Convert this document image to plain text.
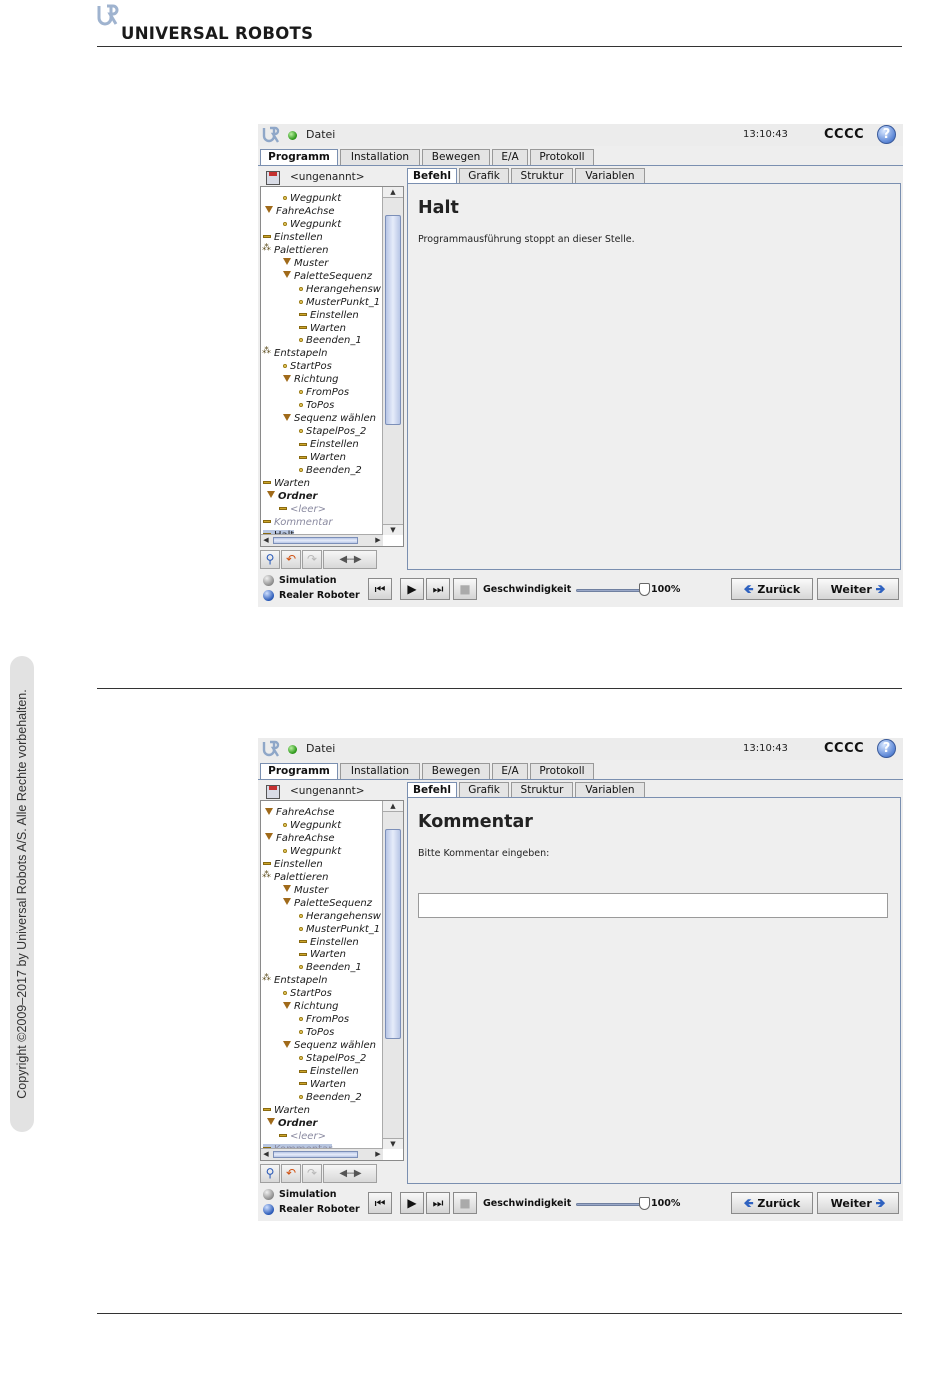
UNIVERSAL ROBOTS
Copyright ©2009–2017 by Universal Robots A/S. Alle Rechte vorbehalten.
Datei	13:10:43	CCCC	?
Programm	Installation	Bewegen	E/A	Protokoll
<ungenannt>
Wegpunkt
FahreAchse
Wegpunkt
Einstellen
⁂Palettieren
Muster
PaletteSequenz
Herangehensw
MusterPunkt_1
Einstellen
Warten
Beenden_1
⁂Entstapeln
StartPos
Richtung
FromPos
ToPos
Sequenz wählen
StapelPos_2
Einstellen
Warten
Beenden_2
Warten
Ordner
<leer>
Kommentar
▲
▼
◀	▶
⚲ ↶ ↷	◀‑‑‑▶
Befehl	Grafik	Struktur	Variablen
Halt
Programmausführung stoppt an dieser Stelle.
Simulation
Realer Roboter	⏮	▶	⏭	■	Geschwindigkeit	100%	🡸 Zurück	Weiter 🡺
Datei	13:10:43	CCCC	?
Programm	Installation	Bewegen	E/A	Protokoll
<ungenannt>
FahreAchse
Wegpunkt
FahreAchse
Wegpunkt
Einstellen
⁂Palettieren
Muster
PaletteSequenz
Herangehensw
MusterPunkt_1
Einstellen
Warten
Beenden_1
⁂Entstapeln
StartPos
Richtung
FromPos
ToPos
Sequenz wählen
StapelPos_2
Einstellen
Warten
Beenden_2
Warten
Ordner
<leer>
▲
▼
◀	▶
⚲ ↶ ↷	◀‑‑‑▶
Befehl	Grafik	Struktur	Variablen
Kommentar
Bitte Kommentar eingeben:
Simulation
Realer Roboter	⏮	▶	⏭	■	Geschwindigkeit	100%	🡸 Zurück	Weiter 🡺
